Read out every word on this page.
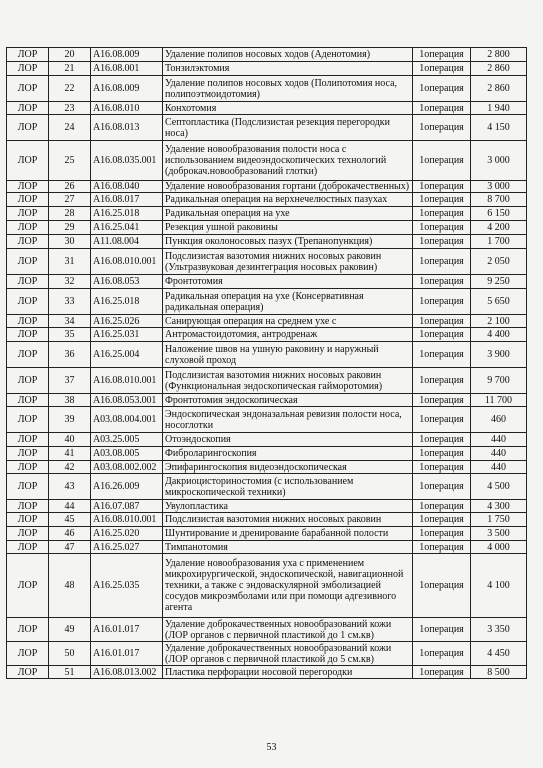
ЛОР	20	A16.08.009	Удаление полипов носовых ходов (Аденотомия)	1операция	2 800
ЛОР	21	A16.08.001	Тонзилэктомия	1операция	2 860
ЛОР	22	A16.08.009	Удаление полипов носовых ходов (Полипотомия носа, полипоэтмоидотомия)	1операция	2 860
ЛОР	23	A16.08.010	Конхотомия	1операция	1 940
ЛОР	24	A16.08.013	Септопластика (Подслизистая резекция перегородки носа)	1операция	4 150
ЛОР	25	A16.08.035.001	Удаление новообразования полости носа с использованием видеоэндоскопических технологий (доброкач.новообразований глотки)	1операция	3 000
ЛОР	26	A16.08.040	Удаление новообразования гортани (доброкачественных)	1операция	3 000
ЛОР	27	A16.08.017	Радикальная операция на верхнечелюстных пазухах	1операция	8 700
ЛОР	28	A16.25.018	Радикальная операция на ухе	1операция	6 150
ЛОР	29	A16.25.041	Резекция ушной раковины	1операция	4 200
ЛОР	30	A11.08.004	Пункция околоносовых пазух (Трепанопункция)	1операция	1 700
ЛОР	31	A16.08.010.001	Подслизистая вазотомия нижних носовых раковин (Ультразвуковая дезинтеграция носовых раковин)	1операция	2 050
ЛОР	32	A16.08.053	Фронтотомия	1операция	9 250
ЛОР	33	A16.25.018	Радикальная операция на ухе (Консервативная радикальная операция)	1операция	5 650
ЛОР	34	A16.25.026	Санирующая операция на среднем ухе с	1операция	2 100
ЛОР	35	A16.25.031	Антромастоидотомия, антродренаж	1операция	4 400
ЛОР	36	A16.25.004	Наложение швов на ушную раковину и наружный слуховой проход	1операция	3 900
ЛОР	37	A16.08.010.001	Подслизистая вазотомия нижних носовых раковин (Функциональная эндоскопическая гайморотомия)	1операция	9 700
ЛОР	38	A16.08.053.001	Фронтотомия эндоскопическая	1операция	11 700
ЛОР	39	A03.08.004.001	Эндоскопическая эндоназальная ревизия полости носа, носоглотки	1операция	460
ЛОР	40	A03.25.005	Отоэндоскопия	1операция	440
ЛОР	41	A03.08.005	Фиброларингоскопия	1операция	440
ЛОР	42	A03.08.002.002	Эпифарингоскопия видеоэндоскопическая	1операция	440
ЛОР	43	A16.26.009	Дакриоцисториностомия (с использованием микроскопической техники)	1операция	4 500
ЛОР	44	A16.07.087	Увулопластика	1операция	4 300
ЛОР	45	A16.08.010.001	Подслизистая вазотомия нижних носовых раковин	1операция	1 750
ЛОР	46	A16.25.020	Шунтирование и дренирование барабанной полости	1операция	3 500
ЛОР	47	A16.25.027	Тимпанотомия	1операция	4 000
ЛОР	48	A16.25.035	Удаление новообразования уха с применением микрохирургической, эндоскопической, навигационной техники, а также с эндоваскулярной эмболизацией сосудов микроэмболами или при помощи адгезивного агента	1операция	4 100
ЛОР	49	A16.01.017	Удаление доброкачественных новообразований кожи (ЛОР органов с первичной пластикой до 1 см.кв)	1операция	3 350
ЛОР	50	A16.01.017	Удаление доброкачественных новообразований кожи (ЛОР органов с первичной пластикой до 5 см.кв)	1операция	4 450
ЛОР	51	A16.08.013.002	Пластика перфорации носовой перегородки	1операция	8 500
53
